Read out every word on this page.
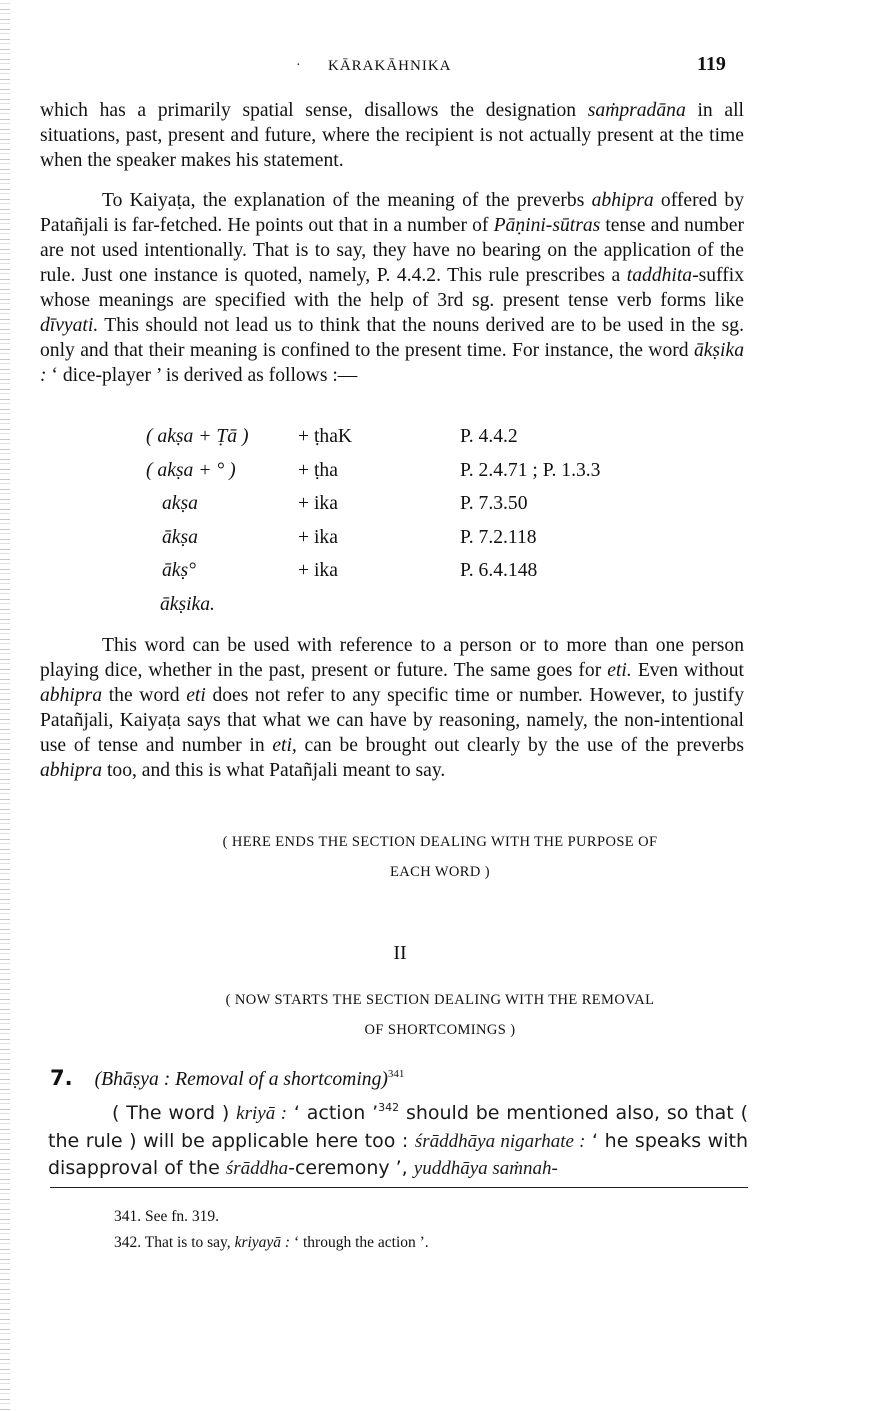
· KĀRAKĀHNIKA	119

which has a primarily spatial sense, disallows the designation saṁpradāna in all situations, past, present and future, where the recipient is not actually present at the time when the speaker makes his statement.

To Kaiyaṭa, the explanation of the meaning of the preverbs abhipra offered by Patañjali is far-fetched. He points out that in a number of Pāṇini-sūtras tense and number are not used intentionally. That is to say, they have no bearing on the application of the rule. Just one instance is quoted, namely, P. 4.4.2. This rule prescribes a taddhita-suffix whose meanings are specified with the help of 3rd sg. present tense verb forms like dīvyati. This should not lead us to think that the nouns derived are to be used in the sg. only and that their meaning is confined to the present time. For instance, the word ākṣika : ‘ dice-player ’ is derived as follows :—

( akṣa + Ṭā )	+ ṭhaK	P. 4.4.2
( akṣa + ° )	+ ṭha	P. 2.4.71 ; P. 1.3.3
akṣa	+ ika	P. 7.3.50
ākṣa	+ ika	P. 7.2.118
ākṣ°	+ ika	P. 6.4.148
ākṣika.

This word can be used with reference to a person or to more than one person playing dice, whether in the past, present or future. The same goes for eti. Even without abhipra the word eti does not refer to any specific time or number. However, to justify Patañjali, Kaiyaṭa says that what we can have by reasoning, namely, the non-intentional use of tense and number in eti, can be brought out clearly by the use of the preverbs abhipra too, and this is what Patañjali meant to say.

( HERE ENDS THE SECTION DEALING WITH THE PURPOSE OF
EACH WORD )
II
( NOW STARTS THE SECTION DEALING WITH THE REMOVAL
OF SHORTCOMINGS )
7. (Bhāṣya : Removal of a shortcoming)$^{341}$

( The word ) kriyā : ‘ action ’$^{342}$ should be mentioned also, so that ( the rule ) will be applicable here too : śrāddhāya nigarhate : ‘ he speaks with disapproval of the śrāddha-ceremony ’, yuddhāya saṁnah-

341. See fn. 319.
342. That is to say, kriyayā : ‘ through the action ’.
